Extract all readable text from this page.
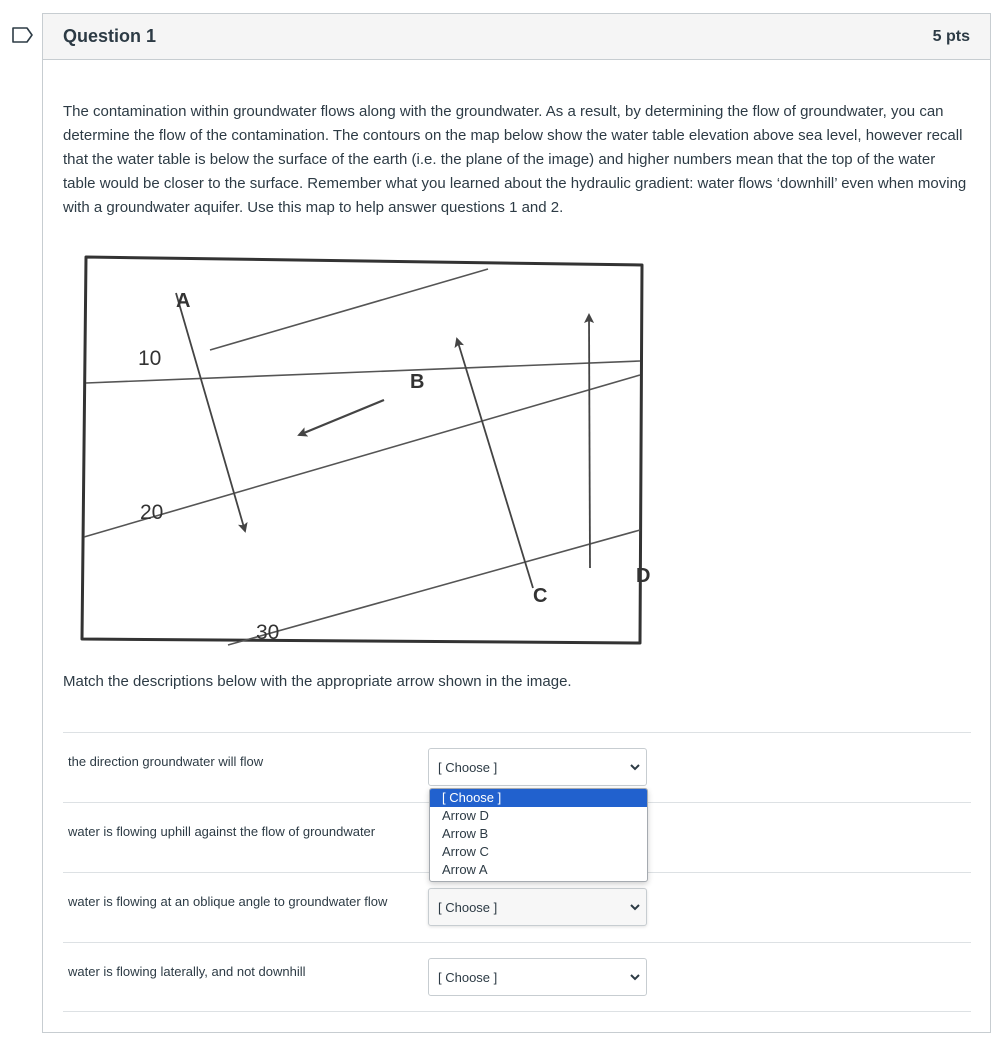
Question 1	5 pts

The contamination within groundwater flows along with the groundwater. As a result, by determining the flow of groundwater, you can determine the flow of the contamination. The contours on the map below show the water table elevation above sea level, however recall that the water table is below the surface of the earth (i.e. the plane of the image) and higher numbers mean that the top of the water table would be closer to the surface. Remember what you learned about the hydraulic gradient: water flows ‘downhill’ even when moving with a groundwater aquifer. Use this map to help answer questions 1 and 2.

10
20
30
A
B
C
D

Match the descriptions below with the appropriate arrow shown in the image.

the direction groundwater will flow	[ Choose ]
[ Choose ]
Arrow D
Arrow B
Arrow C
Arrow A
water is flowing uphill against the flow of groundwater
water is flowing at an oblique angle to groundwater flow	[ Choose ]
water is flowing laterally, and not downhill	[ Choose ]
